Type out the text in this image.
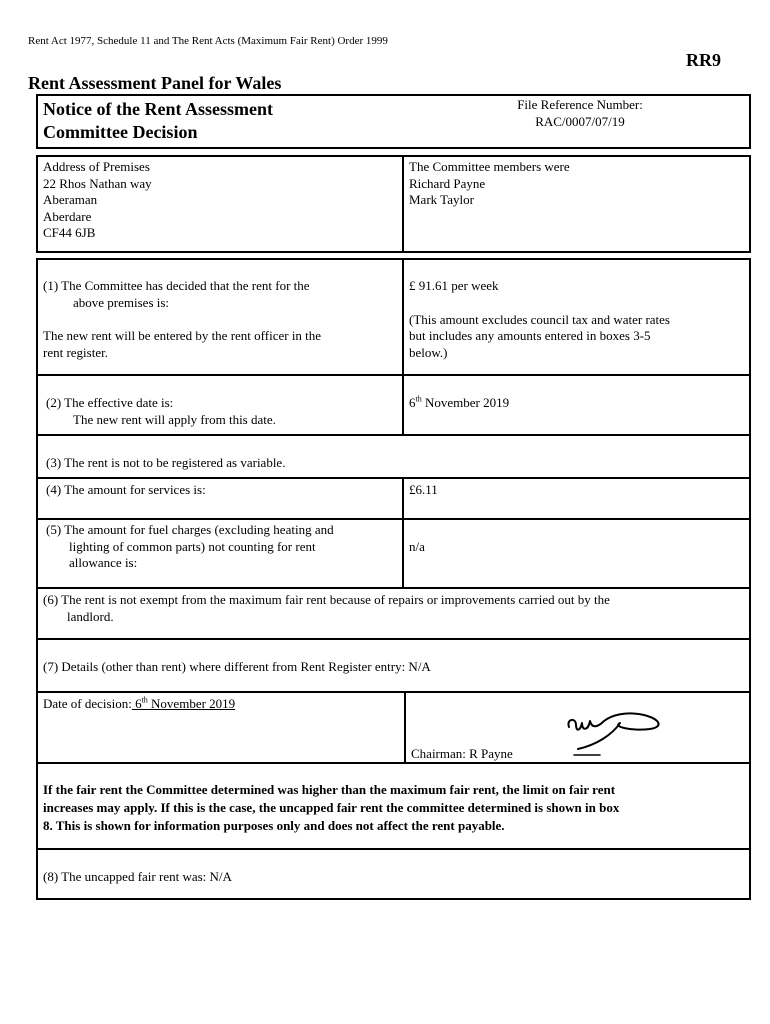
Rent Act 1977, Schedule 11 and The Rent Acts (Maximum Fair Rent) Order 1999
RR9
Rent Assessment Panel for Wales
Notice of the Rent Assessment
Committee Decision
File Reference Number:
RAC/0007/07/19
Address of Premises
22 Rhos Nathan way
Aberaman
Aberdare
CF44 6JB
The Committee members were
Richard Payne
Mark Taylor
(1) The Committee has decided that the rent for the
above premises is:
The new rent will be entered by the rent officer in the
rent register.
£ 91.61 per week
(This amount excludes council tax and water rates
but includes any amounts entered in boxes 3-5
below.)
(2) The effective date is:
The new rent will apply from this date.
6th November 2019
(3) The rent is not to be registered as variable.
(4) The amount for services is:	£6.11
(5) The amount for fuel charges (excluding heating and
lighting of common parts) not counting for rent
allowance is:
n/a
(6) The rent is not exempt from the maximum fair rent because of repairs or improvements carried out by the
landlord.
(7) Details (other than rent) where different from Rent Register entry: N/A
Date of decision: 6th November 2019
Chairman: R Payne
If the fair rent the Committee determined was higher than the maximum fair rent, the limit on fair rent
increases may apply. If this is the case, the uncapped fair rent the committee determined is shown in box
8. This is shown for information purposes only and does not affect the rent payable.
(8) The uncapped fair rent was: N/A
